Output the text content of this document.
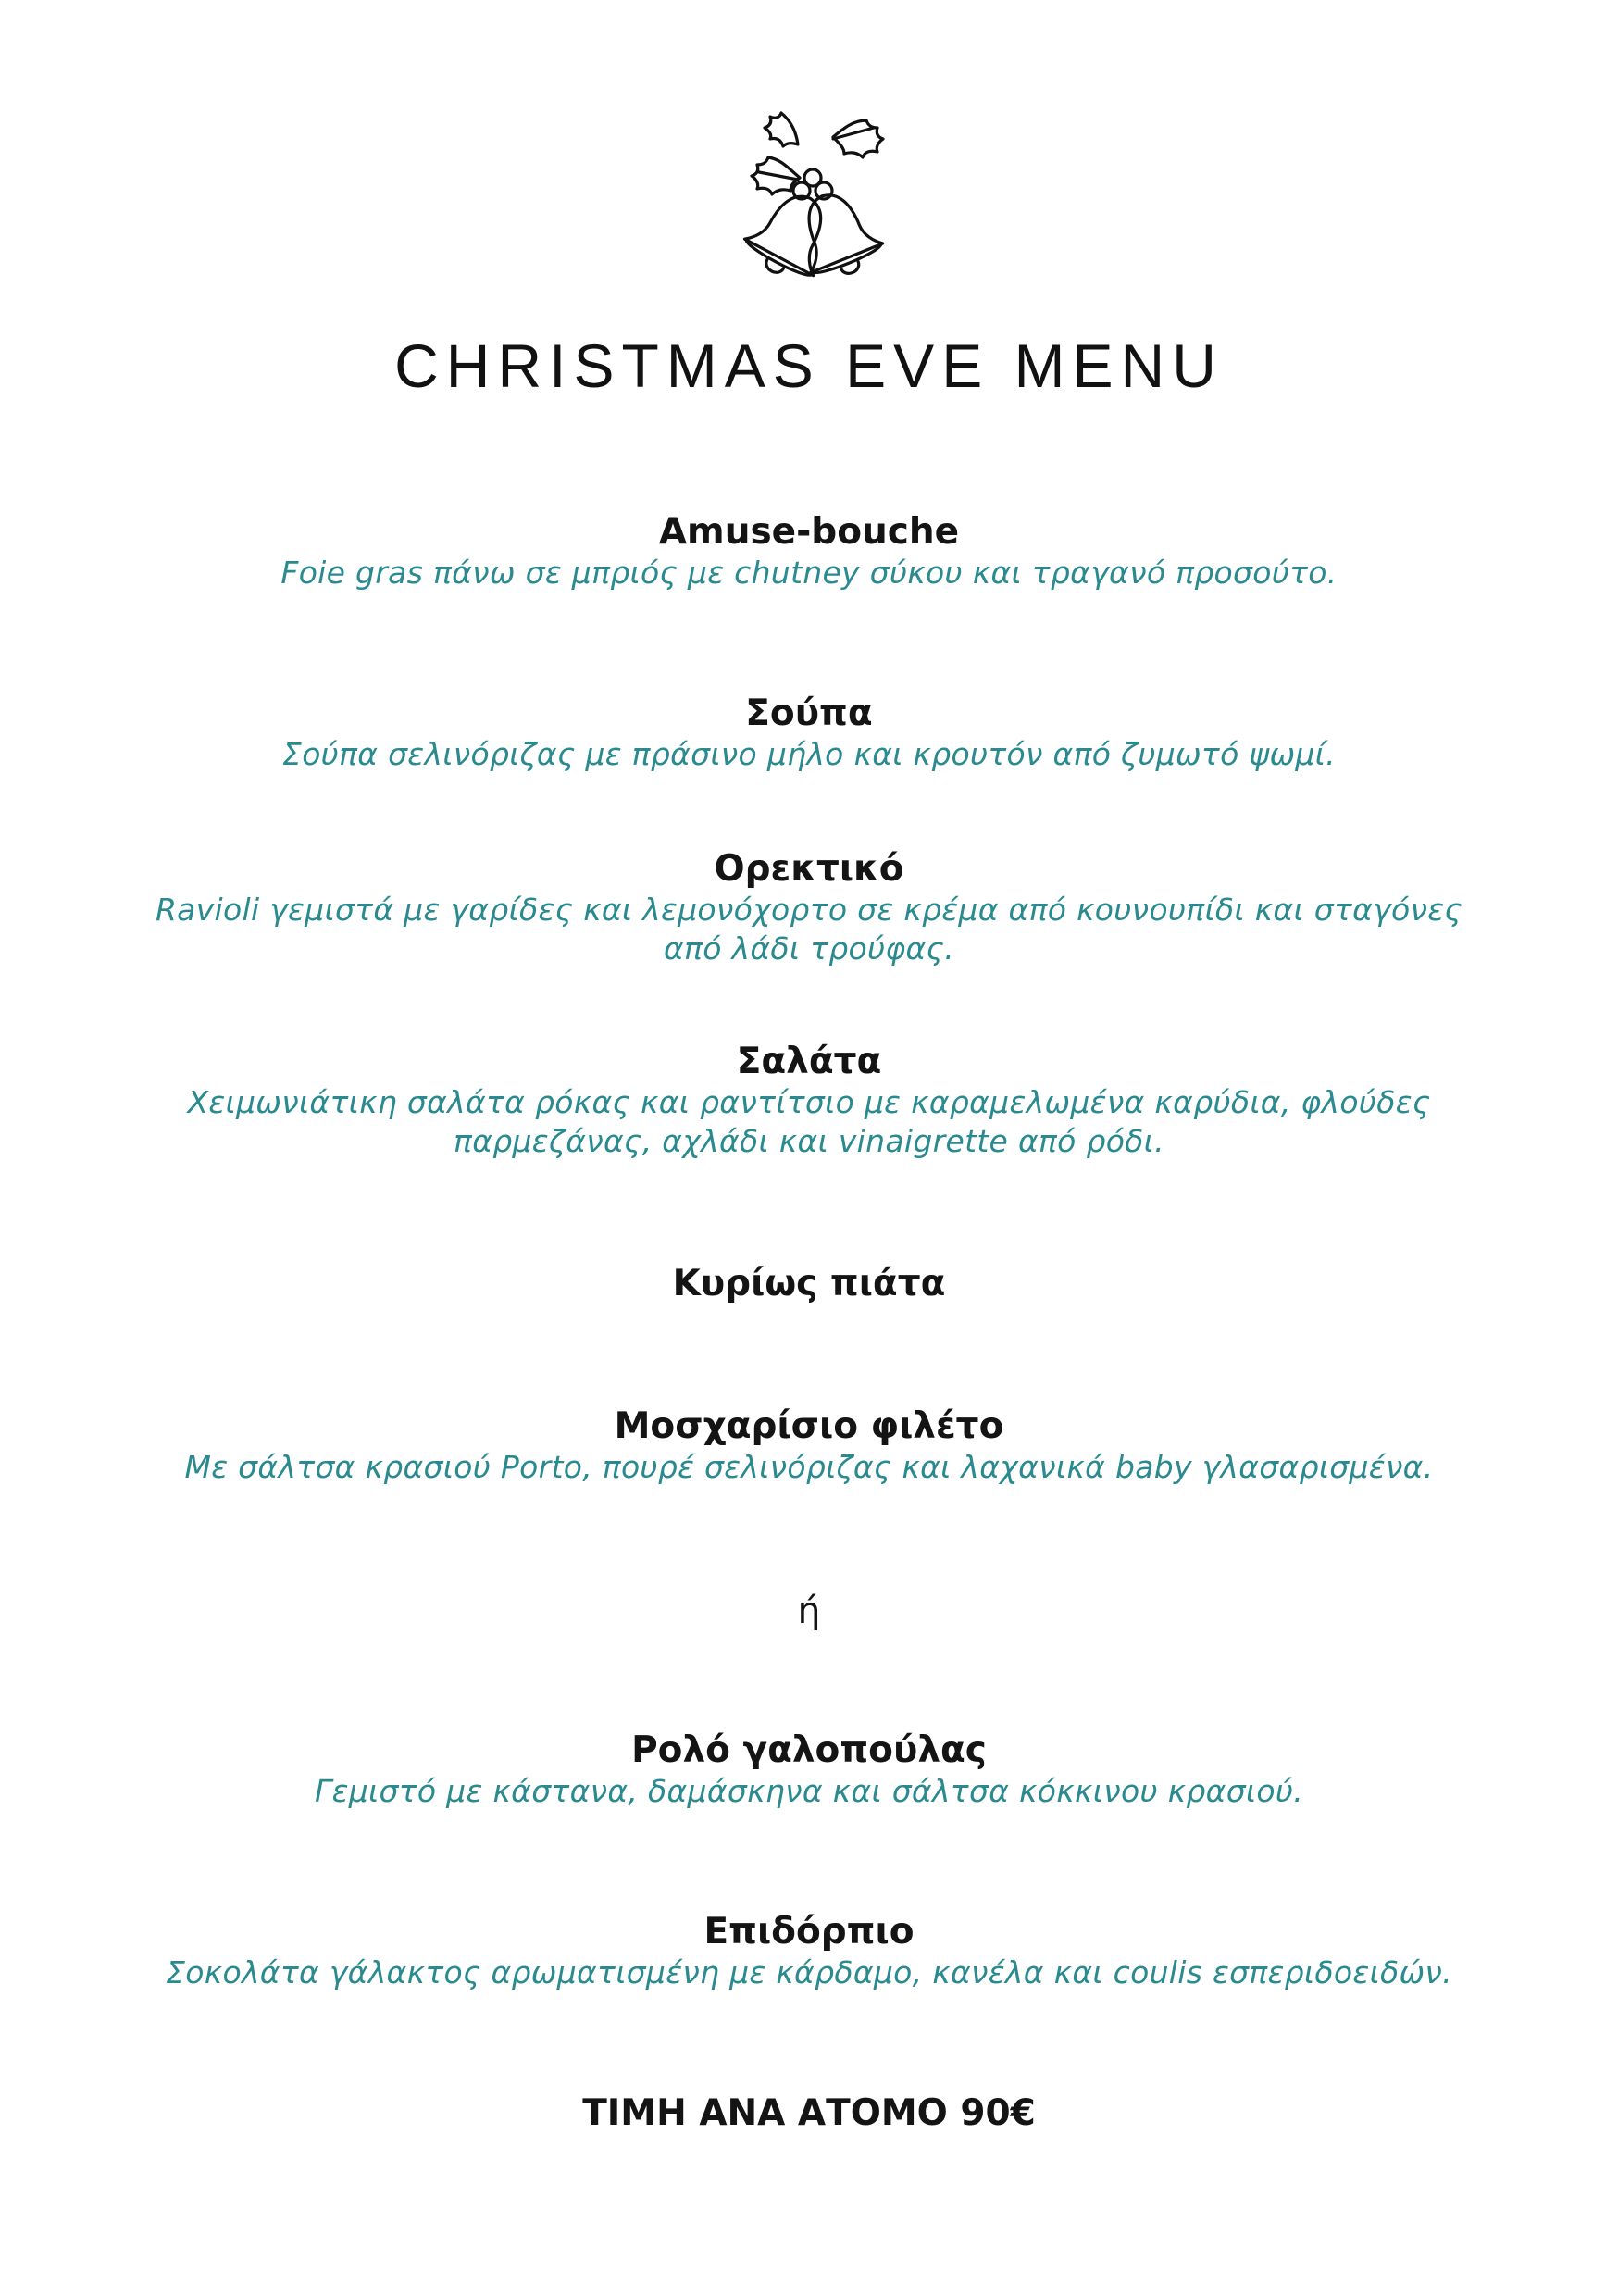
CHRISTMAS EVE MENU

Amuse-bouche

Foie gras πάνω σε μπριός με chutney σύκου και τραγανό προσούτο.

Σούπα

Σούπα σελινόριζας με πράσινο μήλο και κρουτόν από ζυμωτό ψωμί.

Ορεκτικό

Ravioli γεμιστά με γαρίδες και λεμονόχορτο σε κρέμα από κουνουπίδι και σταγόνες

από λάδι τρούφας.

Σαλάτα

Χειμωνιάτικη σαλάτα ρόκας και ραντίτσιο με καραμελωμένα καρύδια, φλούδες

παρμεζάνας, αχλάδι και vinaigrette από ρόδι.

Κυρίως πιάτα

Μοσχαρίσιο φιλέτο

Με σάλτσα κρασιού Porto, πουρέ σελινόριζας και λαχανικά baby γλασαρισμένα.

ή

Ρολό γαλοπούλας

Γεμιστό με κάστανα, δαμάσκηνα και σάλτσα κόκκινου κρασιού.

Επιδόρπιο

Σοκολάτα γάλακτος αρωματισμένη με κάρδαμο, κανέλα και coulis εσπεριδοειδών.

ΤΙΜΗ ΑΝΑ ΑΤΟΜΟ 90€
